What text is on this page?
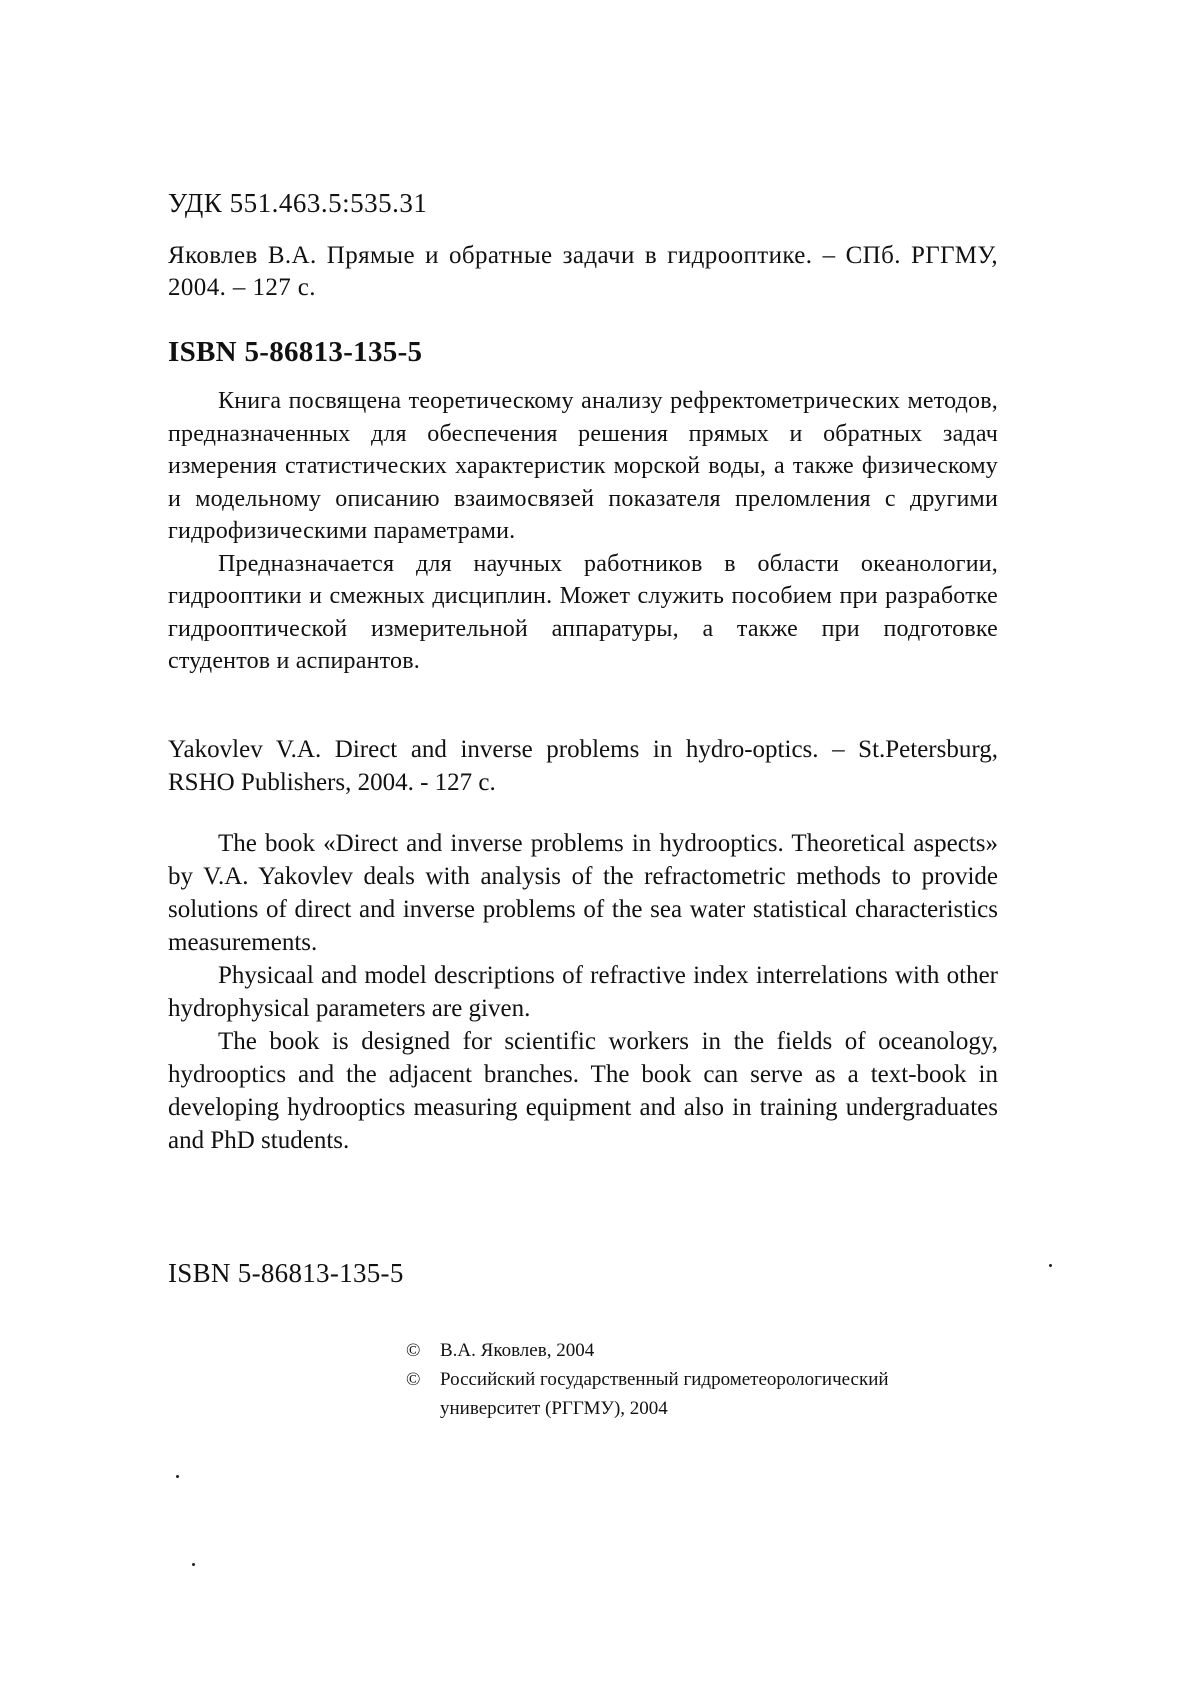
УДК 551.463.5:535.31

Яковлев В.А. Прямые и обратные задачи в гидрооптике. – СПб. РГГМУ, 2004. – 127 с.

ISBN 5-86813-135-5

Книга посвящена теоретическому анализу рефректометрических методов, предназначенных для обеспечения решения прямых и обратных задач измерения статистических характеристик морской воды, а также физическому и модельному описанию взаимосвязей показателя преломления с другими гидрофизическими параметрами.

Предназначается для научных работников в области океанологии, гидрооптики и смежных дисциплин. Может служить пособием при разработке гидрооптической измерительной аппаратуры, а также при подготовке студентов и аспирантов.

Yakovlev V.A. Direct and inverse problems in hydro-optics. – St.Petersburg, RSHO Publishers, 2004. - 127 c.

The book «Direct and inverse problems in hydrooptics. Theoretical aspects» by V.A. Yakovlev deals with analysis of the refractometric methods to provide solutions of direct and inverse problems of the sea water statistical characteristics measurements.

Physicaal and model descriptions of refractive index interrelations with other hydrophysical parameters are given.

The book is designed for scientific workers in the fields of oceanology, hydrooptics and the adjacent branches. The book can serve as a text-book in developing hydrooptics measuring equipment and also in training undergraduates and PhD students.

ISBN 5-86813-135-5
© В.А. Яковлев, 2004
© Российский государственный гидрометеорологический
университет (РГГМУ), 2004
